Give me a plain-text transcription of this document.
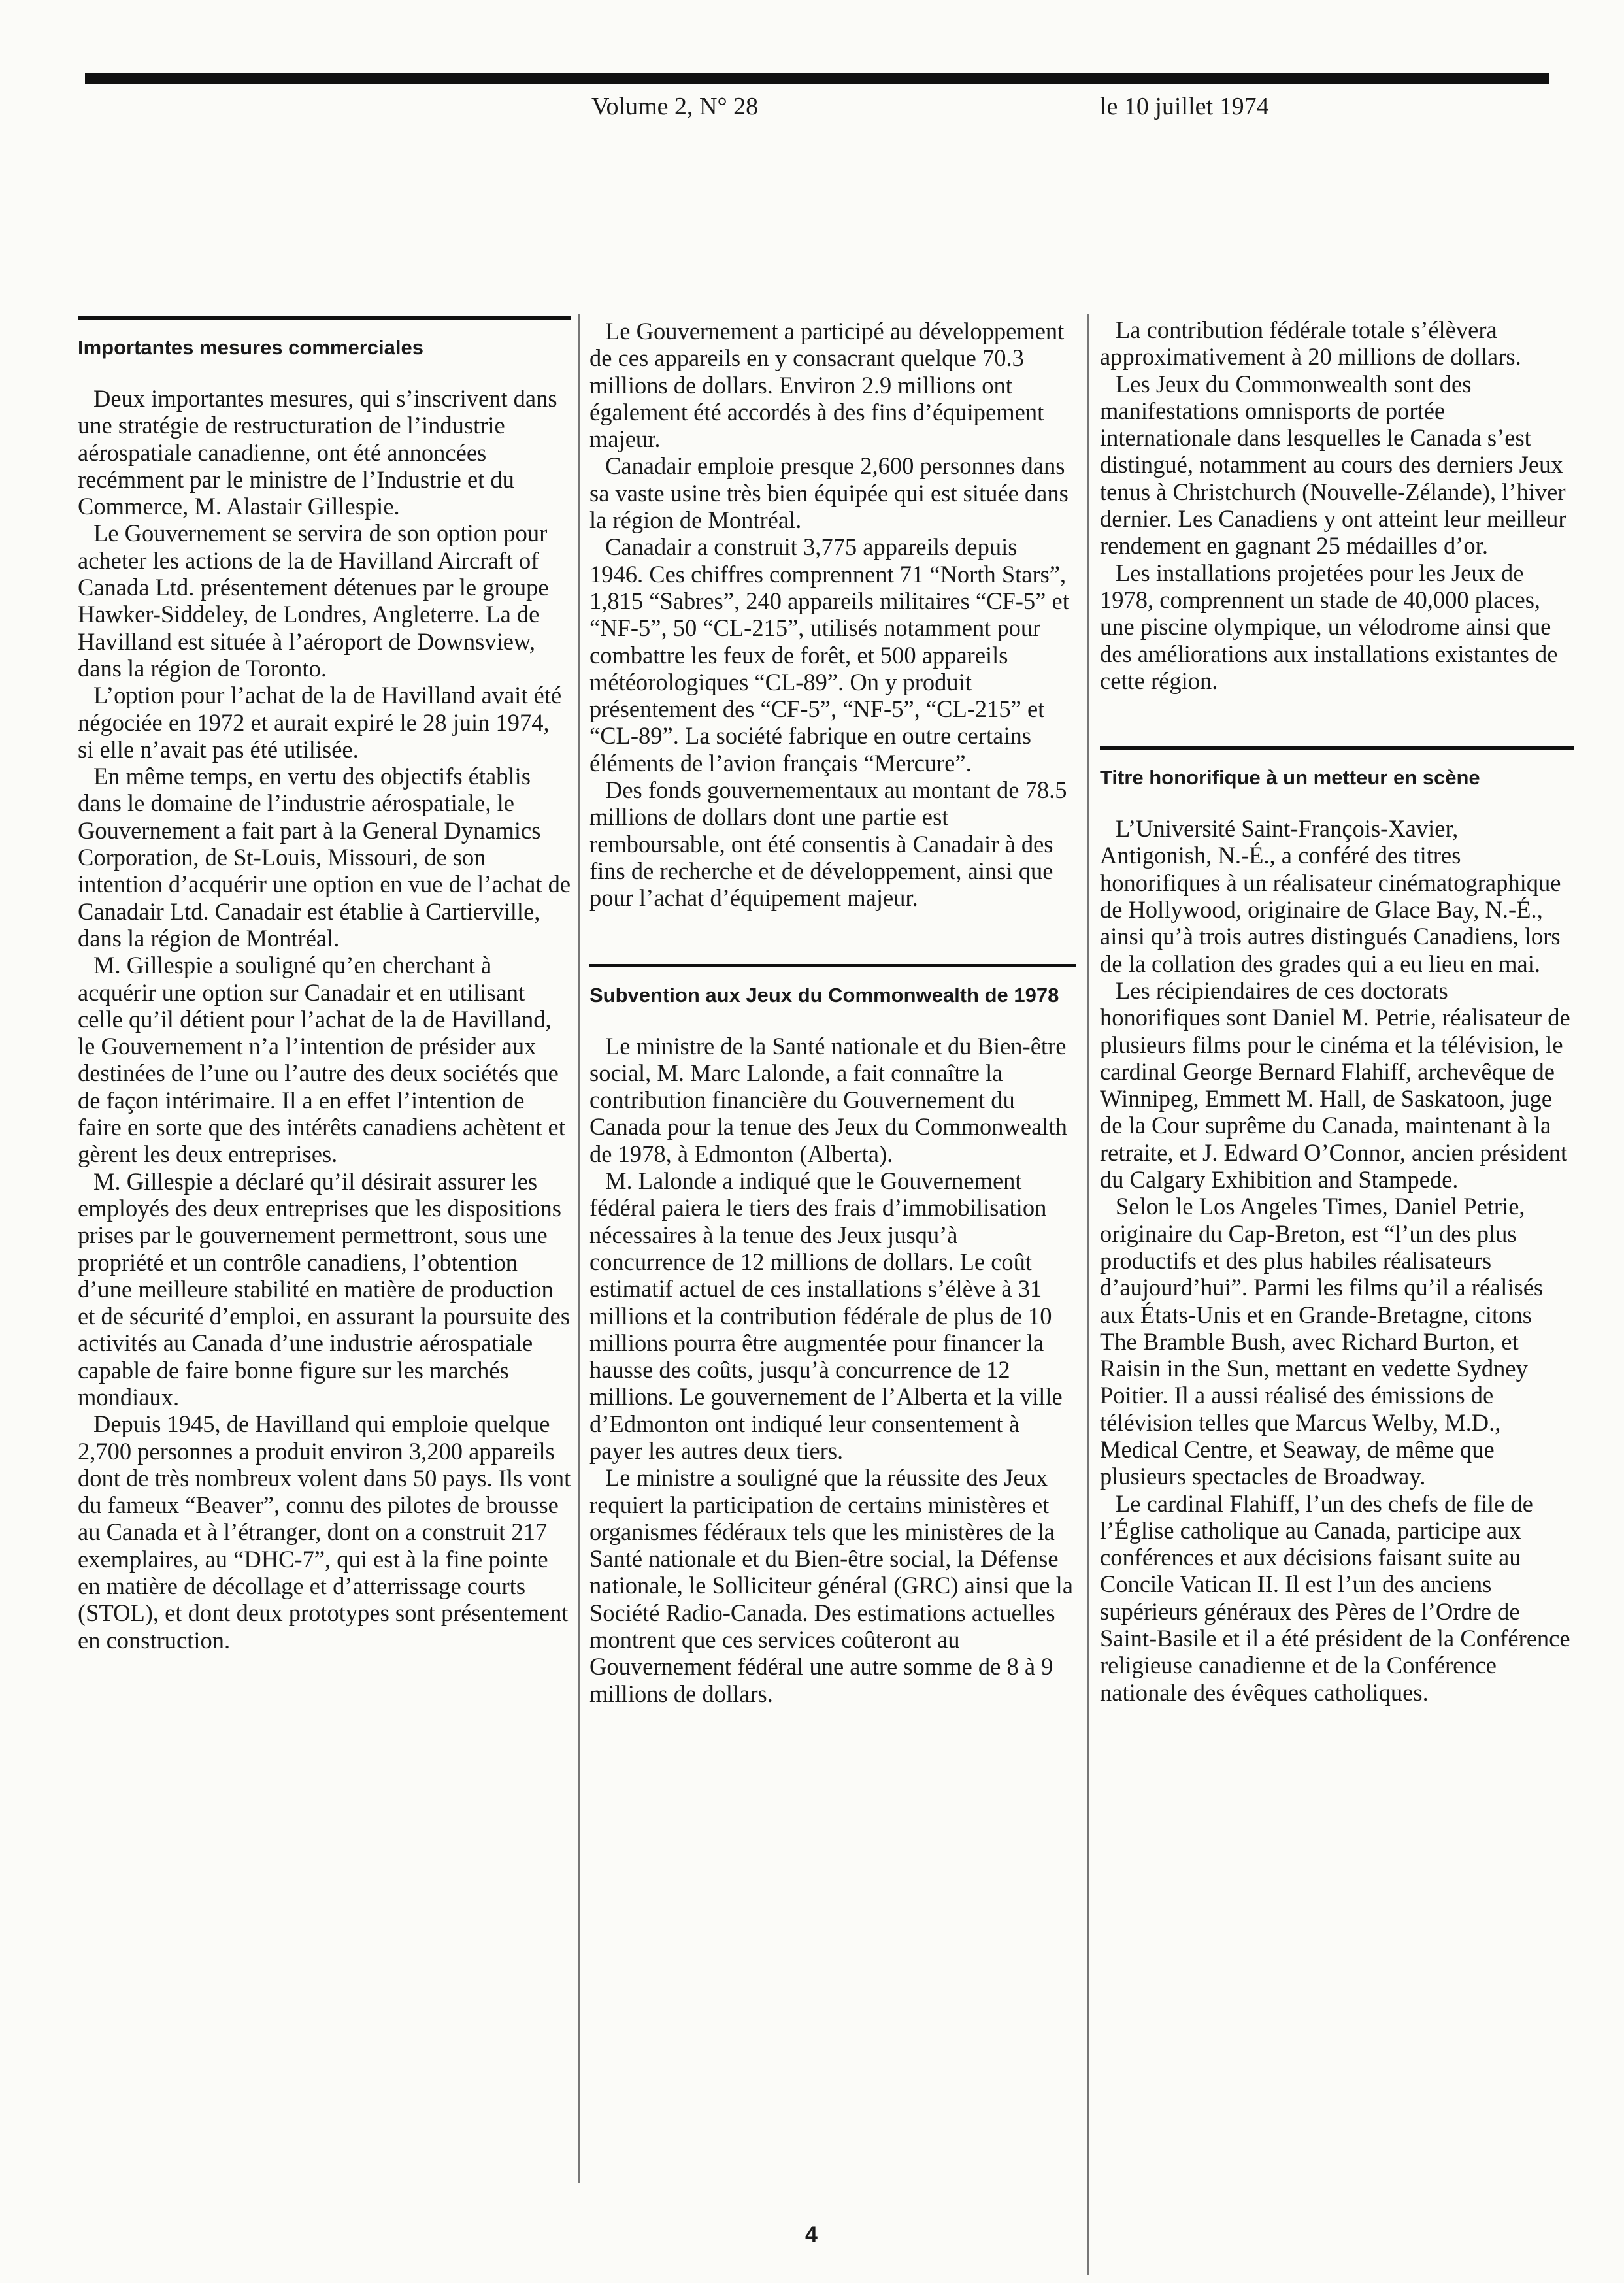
Volume 2, N° 28	le 10 juillet 1974
Importantes mesures commerciales

Deux importantes mesures, qui s’inscrivent dans une stratégie de restructuration de l’industrie aérospatiale canadienne, ont été annoncées recémment par le ministre de l’Industrie et du Commerce, M. Alastair Gillespie.

Le Gouvernement se servira de son option pour acheter les actions de la de Havilland Aircraft of Canada Ltd. présentement détenues par le groupe Hawker-Siddeley, de Londres, Angleterre. La de Havilland est située à l’aéroport de Downsview, dans la région de Toronto.

L’option pour l’achat de la de Havilland avait été négociée en 1972 et aurait expiré le 28 juin 1974, si elle n’avait pas été utilisée.

En même temps, en vertu des objectifs établis dans le domaine de l’industrie aérospatiale, le Gouvernement a fait part à la General Dynamics Corporation, de St-Louis, Missouri, de son intention d’acquérir une option en vue de l’achat de Canadair Ltd. Canadair est établie à Cartierville, dans la région de Montréal.

M. Gillespie a souligné qu’en cherchant à acquérir une option sur Canadair et en utilisant celle qu’il détient pour l’achat de la de Havilland, le Gouvernement n’a l’intention de présider aux destinées de l’une ou l’autre des deux sociétés que de façon intérimaire. Il a en effet l’intention de faire en sorte que des intérêts canadiens achètent et gèrent les deux entreprises.

M. Gillespie a déclaré qu’il désirait assurer les employés des deux entreprises que les dispositions prises par le gouvernement permettront, sous une propriété et un contrôle canadiens, l’obtention d’une meilleure stabilité en matière de production et de sécurité d’emploi, en assurant la poursuite des activités au Canada d’une industrie aérospatiale capable de faire bonne figure sur les marchés mondiaux.

Depuis 1945, de Havilland qui emploie quelque 2,700 personnes a produit environ 3,200 appareils dont de très nombreux volent dans 50 pays. Ils vont du fameux “Beaver”, connu des pilotes de brousse au Canada et à l’étranger, dont on a construit 217 exemplaires, au “DHC-7”, qui est à la fine pointe en matière de décollage et d’atterrissage courts (STOL), et dont deux prototypes sont présentement en construction.

Le Gouvernement a participé au développement de ces appareils en y consacrant quelque 70.3 millions de dollars. Environ 2.9 millions ont également été accordés à des fins d’équipement majeur.

Canadair emploie presque 2,600 personnes dans sa vaste usine très bien équipée qui est située dans la région de Montréal.

Canadair a construit 3,775 appareils depuis 1946. Ces chiffres comprennent 71 “North Stars”, 1,815 “Sabres”, 240 appareils militaires “CF-5” et “NF-5”, 50 “CL-215”, utilisés notamment pour combattre les feux de forêt, et 500 appareils météorologiques “CL-89”. On y produit présentement des “CF-5”, “NF-5”, “CL-215” et “CL-89”. La société fabrique en outre certains éléments de l’avion français “Mercure”.

Des fonds gouvernementaux au montant de 78.5 millions de dollars dont une partie est remboursable, ont été consentis à Canadair à des fins de recherche et de développement, ainsi que pour l’achat d’équipement majeur.

Subvention aux Jeux du Commonwealth de 1978

Le ministre de la Santé nationale et du Bien-être social, M. Marc Lalonde, a fait connaître la contribution financière du Gouvernement du Canada pour la tenue des Jeux du Commonwealth de 1978, à Edmonton (Alberta).

M. Lalonde a indiqué que le Gouvernement fédéral paiera le tiers des frais d’immobilisation nécessaires à la tenue des Jeux jusqu’à concurrence de 12 millions de dollars. Le coût estimatif actuel de ces installations s’élève à 31 millions et la contribution fédérale de plus de 10 millions pourra être augmentée pour financer la hausse des coûts, jusqu’à concurrence de 12 millions. Le gouvernement de l’Alberta et la ville d’Edmonton ont indiqué leur consentement à payer les autres deux tiers.

Le ministre a souligné que la réussite des Jeux requiert la participation de certains ministères et organismes fédéraux tels que les ministères de la Santé nationale et du Bien-être social, la Défense nationale, le Solliciteur général (GRC) ainsi que la Société Radio-Canada. Des estimations actuelles montrent que ces services coûteront au Gouvernement fédéral une autre somme de 8 à 9 millions de dollars.

La contribution fédérale totale s’élèvera approximativement à 20 millions de dollars.

Les Jeux du Commonwealth sont des manifestations omnisports de portée internationale dans lesquelles le Canada s’est distingué, notamment au cours des derniers Jeux tenus à Christchurch (Nouvelle-Zélande), l’hiver dernier. Les Canadiens y ont atteint leur meilleur rendement en gagnant 25 médailles d’or.

Les installations projetées pour les Jeux de 1978, comprennent un stade de 40,000 places, une piscine olympique, un vélodrome ainsi que des améliorations aux installations existantes de cette région.

Titre honorifique à un metteur en scène

L’Université Saint-François-Xavier, Antigonish, N.-É., a conféré des titres honorifiques à un réalisateur cinématographique de Hollywood, originaire de Glace Bay, N.-É., ainsi qu’à trois autres distingués Canadiens, lors de la collation des grades qui a eu lieu en mai.

Les récipiendaires de ces doctorats honorifiques sont Daniel M. Petrie, réalisateur de plusieurs films pour le cinéma et la télévision, le cardinal George Bernard Flahiff, archevêque de Winnipeg, Emmett M. Hall, de Saskatoon, juge de la Cour suprême du Canada, maintenant à la retraite, et J. Edward O’Connor, ancien président du Calgary Exhibition and Stampede.

Selon le Los Angeles Times, Daniel Petrie, originaire du Cap-Breton, est “l’un des plus productifs et des plus habiles réalisateurs d’aujourd’hui”. Parmi les films qu’il a réalisés aux États-Unis et en Grande-Bretagne, citons The Bramble Bush, avec Richard Burton, et Raisin in the Sun, mettant en vedette Sydney Poitier. Il a aussi réalisé des émissions de télévision telles que Marcus Welby, M.D., Medical Centre, et Seaway, de même que plusieurs spectacles de Broadway.

Le cardinal Flahiff, l’un des chefs de file de l’Église catholique au Canada, participe aux conférences et aux décisions faisant suite au Concile Vatican II. Il est l’un des anciens supérieurs généraux des Pères de l’Ordre de Saint-Basile et il a été président de la Conférence religieuse canadienne et de la Conférence nationale des évêques catholiques.

4
